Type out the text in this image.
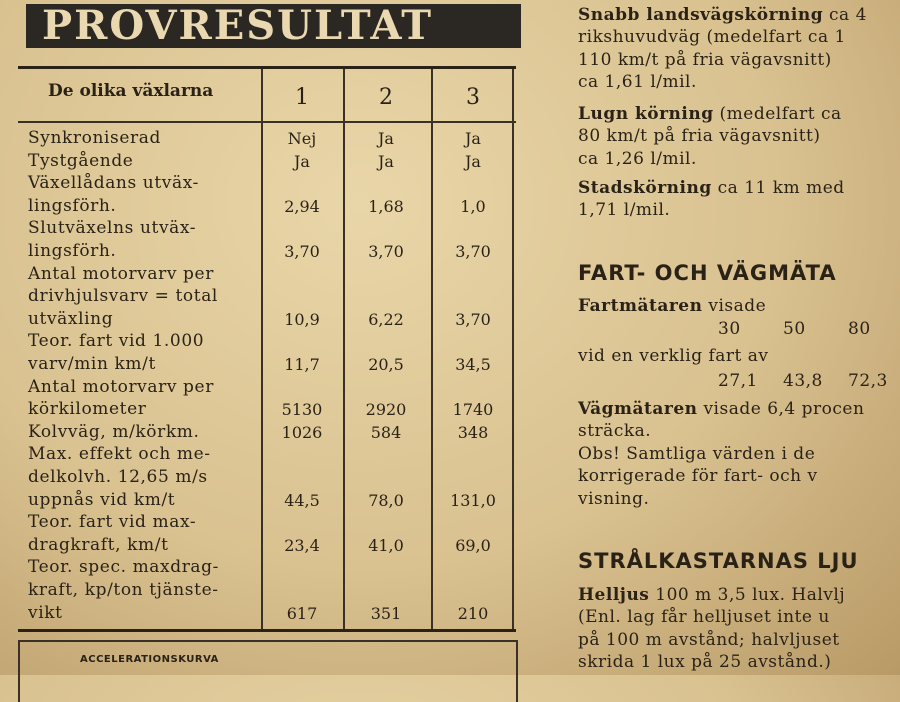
PROVRESULTAT
De olika växlarna	1	2	3
Synkroniserad	Nej	Ja	Ja
Tystgående	Ja	Ja	Ja
Växellådans utväx-
lingsförh.	2,94	1,68	1,0
Slutväxelns utväx-
lingsförh.	3,70	3,70	3,70
Antal motorvarv per
drivhjulsvarv = total
utväxling	10,9	6,22	3,70
Teor. fart vid 1.000
varv/min km/t	11,7	20,5	34,5
Antal motorvarv per
körkilometer	5130	2920	1740
Kolvväg, m/körkm.	1026	584	348
Max. effekt och me-
delkolvh. 12,65 m/s
uppnås vid km/t	44,5	78,0	131,0
Teor. fart vid max-
dragkraft, km/t	23,4	41,0	69,0
Teor. spec. maxdrag-
kraft, kp/ton tjänste-
vikt	617	351	210
ACCELERATIONSKURVA

Snabb landsvägskörning ca 4

rikshuvudväg (medelfart ca 1

110 km/t på fria vägavsnitt)

ca 1,61 l/mil.

Lugn körning (medelfart ca

80 km/t på fria vägavsnitt)

ca 1,26 l/mil.

Stadskörning ca 11 km med

1,71 l/mil.

FART- OCH VÄGMÄTA
Fartmätaren visade
30 50 80
vid en verklig fart av
27,1 43,8 72,3

Vägmätaren visade 6,4 procen

sträcka.

Obs! Samtliga värden i de

korrigerade för fart- och v

visning.

STRÅLKASTARNAS LJU

Helljus 100 m 3,5 lux. Halvlj

(Enl. lag får helljuset inte u

på 100 m avstånd; halvljuset

skrida 1 lux på 25 avstånd.)
